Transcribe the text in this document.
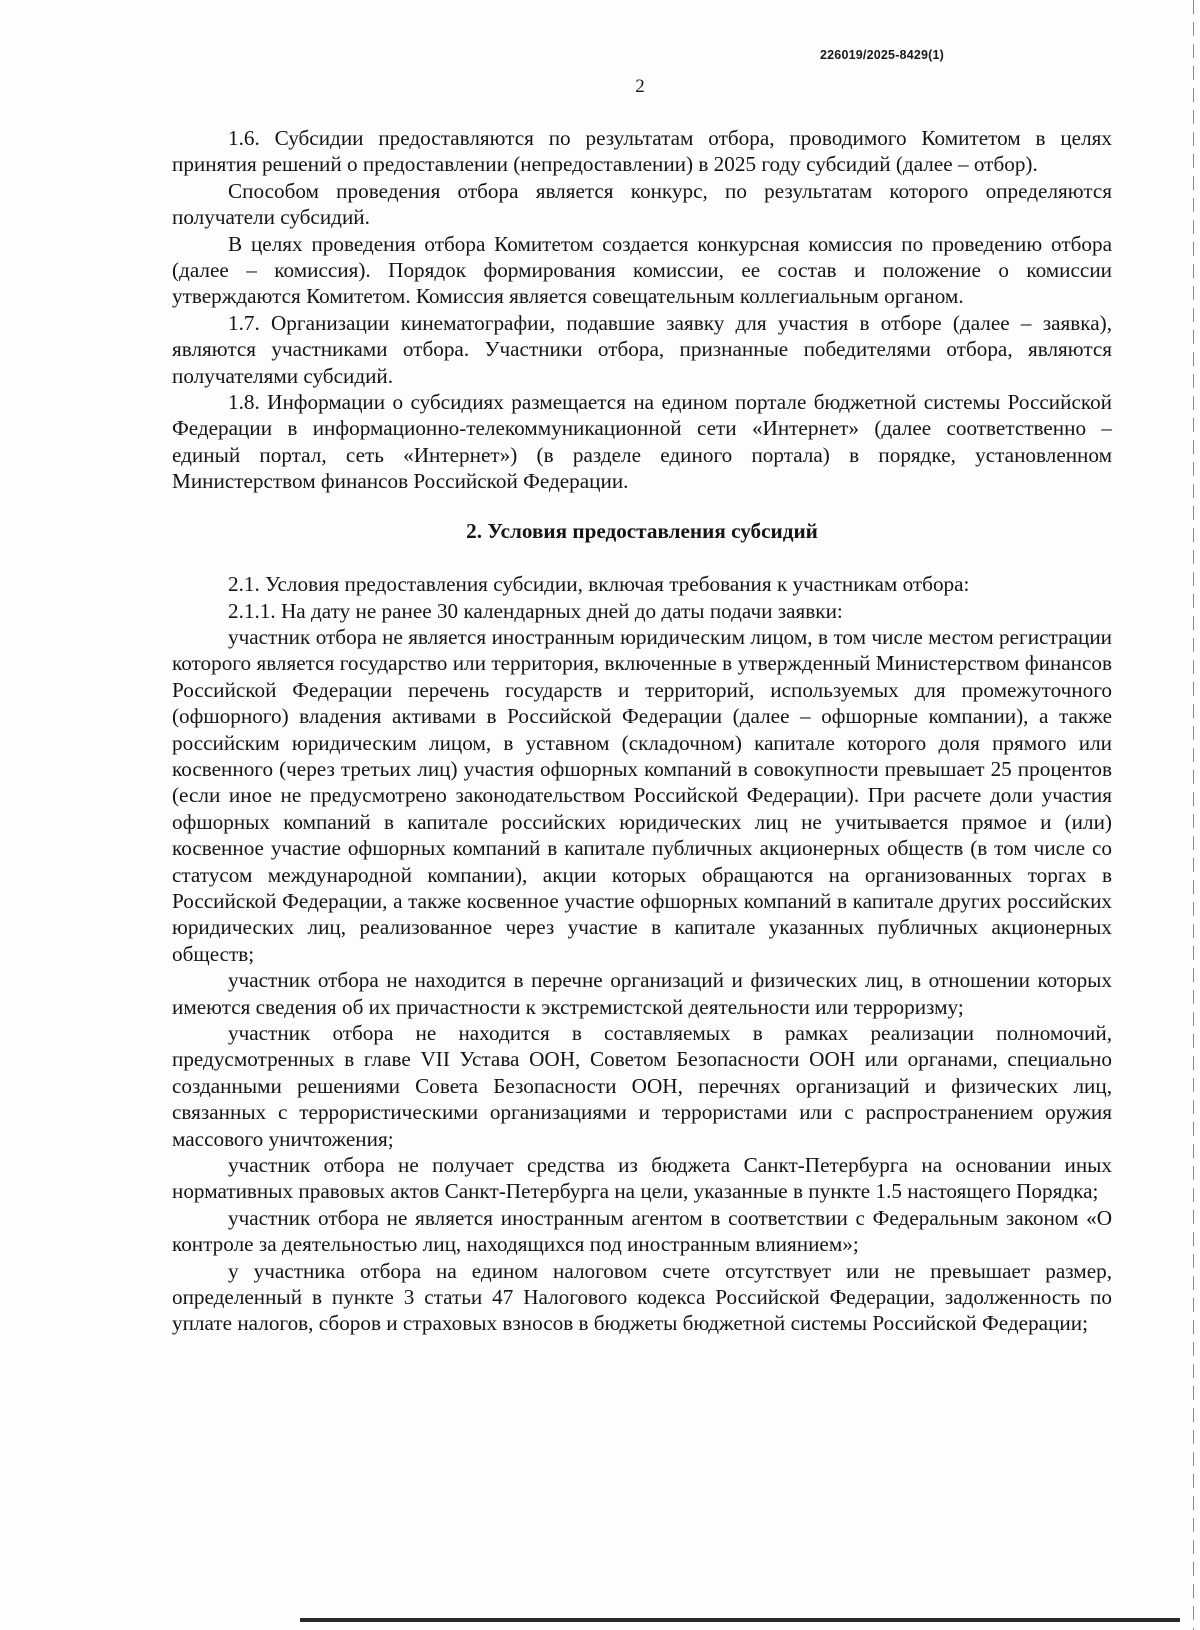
226019/2025-8429(1)
2

1.6. Субсидии предоставляются по результатам отбора, проводимого Комитетом в целях принятия решений о предоставлении (непредоставлении) в 2025 году субсидий (далее – отбор).

Способом проведения отбора является конкурс, по результатам которого определяются получатели субсидий.

В целях проведения отбора Комитетом создается конкурсная комиссия по проведению отбора (далее – комиссия). Порядок формирования комиссии, ее состав и положение о комиссии утверждаются Комитетом. Комиссия является совещательным коллегиальным органом.

1.7. Организации кинематографии, подавшие заявку для участия в отборе (далее – заявка), являются участниками отбора. Участники отбора, признанные победителями отбора, являются получателями субсидий.

1.8. Информации о субсидиях размещается на едином портале бюджетной системы Российской Федерации в информационно-телекоммуникационной сети «Интернет» (далее соответственно – единый портал, сеть «Интернет») (в разделе единого портала) в порядке, установленном Министерством финансов Российской Федерации.

2. Условия предоставления субсидий

2.1. Условия предоставления субсидии, включая требования к участникам отбора:

2.1.1. На дату не ранее 30 календарных дней до даты подачи заявки:

участник отбора не является иностранным юридическим лицом, в том числе местом регистрации которого является государство или территория, включенные в утвержденный Министерством финансов Российской Федерации перечень государств и территорий, используемых для промежуточного (офшорного) владения активами в Российской Федерации (далее – офшорные компании), а также российским юридическим лицом, в уставном (складочном) капитале которого доля прямого или косвенного (через третьих лиц) участия офшорных компаний в совокупности превышает 25 процентов (если иное не предусмотрено законодательством Российской Федерации). При расчете доли участия офшорных компаний в капитале российских юридических лиц не учитывается прямое и (или) косвенное участие офшорных компаний в капитале публичных акционерных обществ (в том числе со статусом международной компании), акции которых обращаются на организованных торгах в Российской Федерации, а также косвенное участие офшорных компаний в капитале других российских юридических лиц, реализованное через участие в капитале указанных публичных акционерных обществ;

участник отбора не находится в перечне организаций и физических лиц, в отношении которых имеются сведения об их причастности к экстремистской деятельности или терроризму;

участник отбора не находится в составляемых в рамках реализации полномочий, предусмотренных в главе VII Устава ООН, Советом Безопасности ООН или органами, специально созданными решениями Совета Безопасности ООН, перечнях организаций и физических лиц, связанных с террористическими организациями и террористами или с распространением оружия массового уничтожения;

участник отбора не получает средства из бюджета Санкт-Петербурга на основании иных нормативных правовых актов Санкт-Петербурга на цели, указанные в пункте 1.5 настоящего Порядка;

участник отбора не является иностранным агентом в соответствии с Федеральным законом «О контроле за деятельностью лиц, находящихся под иностранным влиянием»;

у участника отбора на едином налоговом счете отсутствует или не превышает размер, определенный в пункте 3 статьи 47 Налогового кодекса Российской Федерации, задолженность по уплате налогов, сборов и страховых взносов в бюджеты бюджетной системы Российской Федерации;
